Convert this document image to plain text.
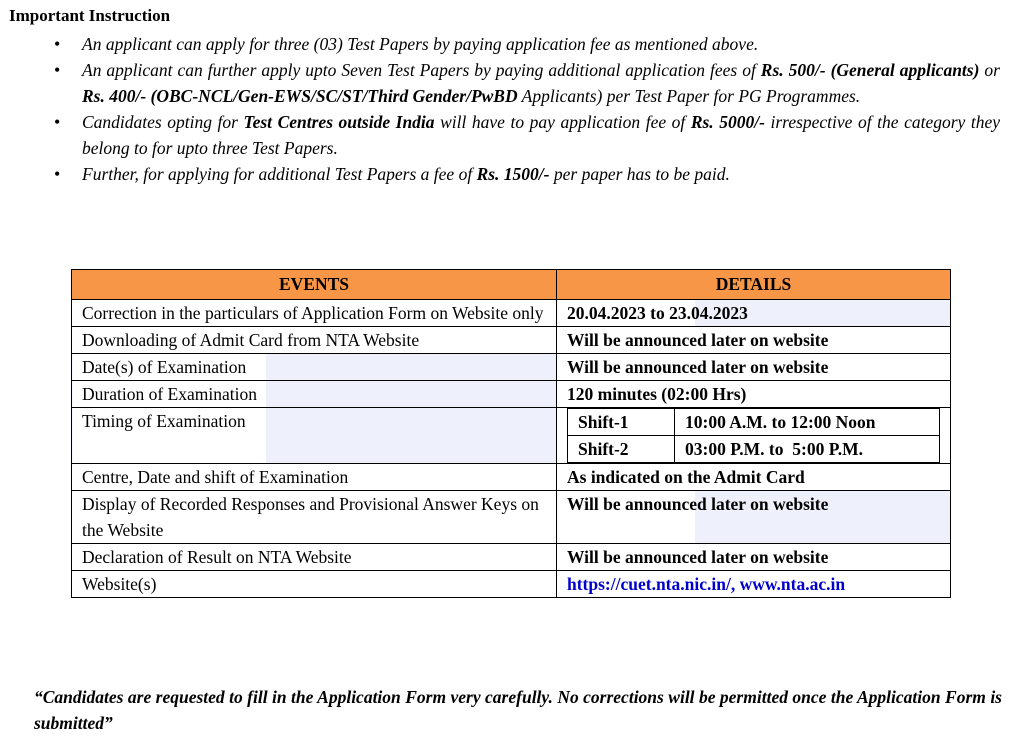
Important Instruction
• An applicant can apply for three (03) Test Papers by paying application fee as mentioned above.
• An applicant can further apply upto Seven Test Papers by paying additional application fees of Rs. 500/- (General applicants) or Rs. 400/- (OBC-NCL/Gen-EWS/SC/ST/Third Gender/PwBD Applicants) per Test Paper for PG Programmes.
• Candidates opting for Test Centres outside India will have to pay application fee of Rs. 5000/- irrespective of the category they belong to for upto three Test Papers.
• Further, for applying for additional Test Papers a fee of Rs. 1500/- per paper has to be paid.
EVENTS	DETAILS
Correction in the particulars of Application Form on Website only	20.04.2023 to 23.04.2023
Downloading of Admit Card from NTA Website	Will be announced later on website
Date(s) of Examination	Will be announced later on website
Duration of Examination	120 minutes (02:00 Hrs)
Timing of Examination		Shift-1	10:00 A.M. to 12:00 Noon
Shift-2	03:00 P.M. to  5:00 P.M.

Centre, Date and shift of Examination	As indicated on the Admit Card
Display of Recorded Responses and Provisional Answer Keys on the Website	Will be announced later on website
Declaration of Result on NTA Website	Will be announced later on website
Website(s)	https://cuet.nta.nic.in/, www.nta.ac.in

“Candidates are requested to fill in the Application Form very carefully. No corrections will be permitted once the Application Form is submitted”
